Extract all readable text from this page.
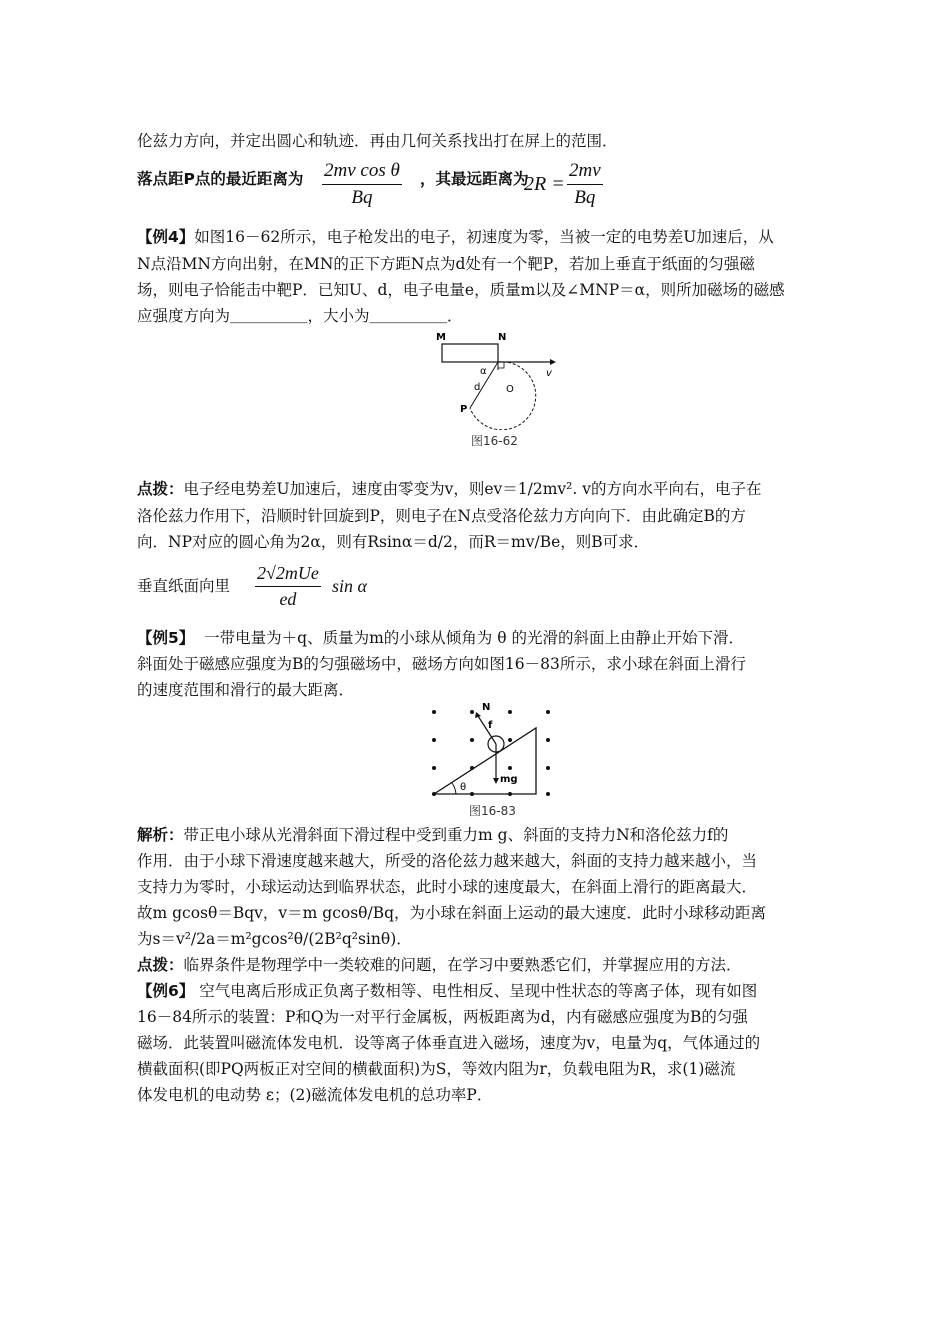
伦兹力方向，并定出圆心和轨迹．再由几何关系找出打在屏上的范围．
落点距P点的最近距离为 2mv cos θ
Bq
，其最远距离为
2R =
2mv
Bq
【例4】如图16－62所示，电子枪发出的电子，初速度为零，当被一定的电势差U加速后，从
N点沿MN方向出射，在MN的正下方距N点为d处有一个靶P，若加上垂直于纸面的匀强磁
场，则电子恰能击中靶P．已知U、d，电子电量e，质量m以及∠MNP＝α，则所加磁场的磁感
应强度方向为＿＿＿＿＿，大小为＿＿＿＿＿．
M	N
v
α
d	O
P
图16-62
点拨：电子经电势差U加速后，速度由零变为v，则ev＝1/2mv². v的方向水平向右，电子在
洛伦兹力作用下，沿顺时针回旋到P，则电子在N点受洛伦兹力方向向下．由此确定B的方
向．NP对应的圆心角为2α，则有Rsinα＝d/2，而R＝mv/Be，则B可求．
垂直纸面向里
2√2mUe
ed
sin α
【例5】 一带电量为＋q、质量为m的小球从倾角为 θ 的光滑的斜面上由静止开始下滑．
斜面处于磁感应强度为B的匀强磁场中，磁场方向如图16－83所示，求小球在斜面上滑行
的速度范围和滑行的最大距离．
N
f
mg
θ
图16-83
解析：带正电小球从光滑斜面下滑过程中受到重力m g、斜面的支持力N和洛伦兹力f的
作用．由于小球下滑速度越来越大，所受的洛伦兹力越来越大，斜面的支持力越来越小，当
支持力为零时，小球运动达到临界状态，此时小球的速度最大，在斜面上滑行的距离最大．
故m gcosθ＝Bqv，v＝m gcosθ/Bq，为小球在斜面上运动的最大速度．此时小球移动距离
为s＝v²/2a＝m²gcos²θ/(2B²q²sinθ)．
点拨：临界条件是物理学中一类较难的问题，在学习中要熟悉它们，并掌握应用的方法．
【例6】 空气电离后形成正负离子数相等、电性相反、呈现中性状态的等离子体，现有如图
16－84所示的装置：P和Q为一对平行金属板，两板距离为d，内有磁感应强度为B的匀强
磁场．此装置叫磁流体发电机．设等离子体垂直进入磁场，速度为v，电量为q，气体通过的
横截面积(即PQ两板正对空间的横截面积)为S，等效内阻为r，负载电阻为R，求(1)磁流
体发电机的电动势 ε；(2)磁流体发电机的总功率P．
